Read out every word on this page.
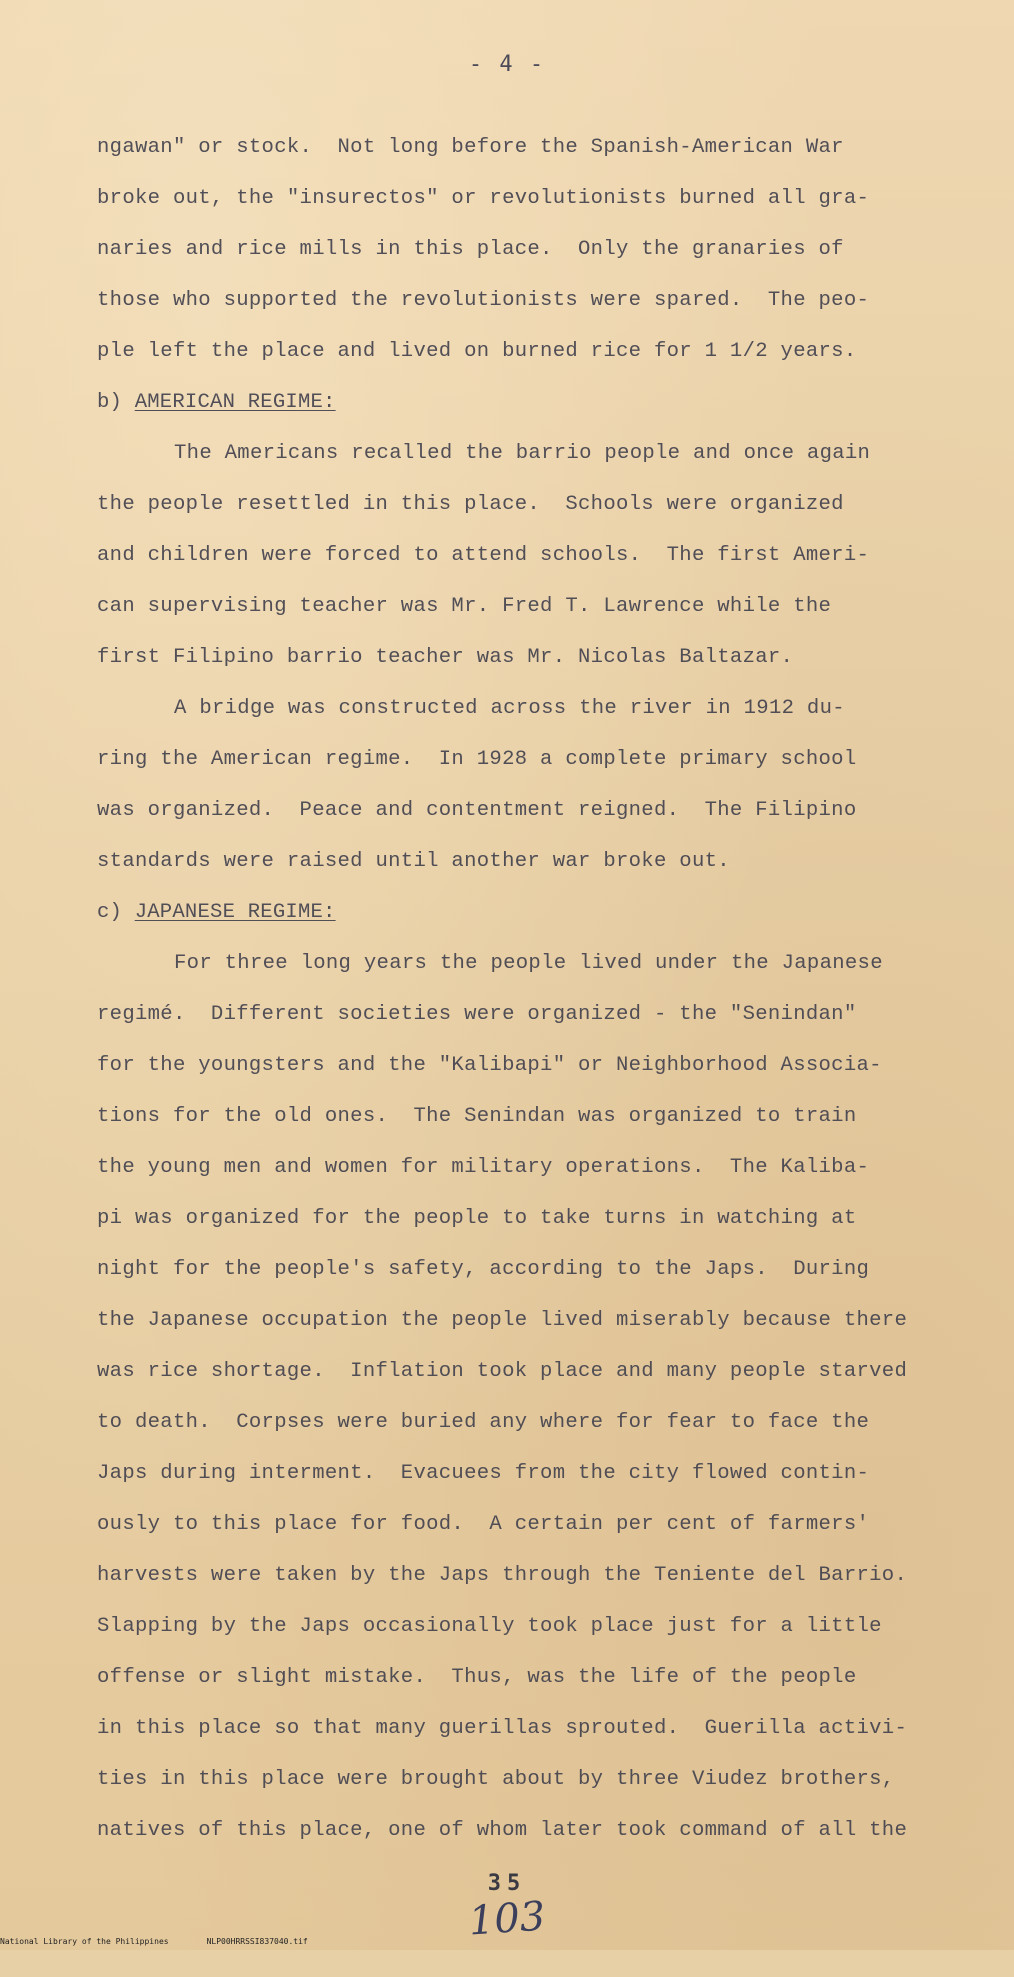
- 4 -
ngawan" or stock.  Not long before the Spanish-American War
broke out, the "insurectos" or revolutionists burned all gra-
naries and rice mills in this place.  Only the granaries of
those who supported the revolutionists were spared.  The peo-
ple left the place and lived on burned rice for 1 1/2 years.
b) AMERICAN REGIME:
The Americans recalled the barrio people and once again
the people resettled in this place.  Schools were organized
and children were forced to attend schools.  The first Ameri-
can supervising teacher was Mr. Fred T. Lawrence while the
first Filipino barrio teacher was Mr. Nicolas Baltazar.
A bridge was constructed across the river in 1912 du-
ring the American regime.  In 1928 a complete primary school
was organized.  Peace and contentment reigned.  The Filipino
standards were raised until another war broke out.
c) JAPANESE REGIME:
For three long years the people lived under the Japanese
regimé.  Different societies were organized - the "Senindan"
for the youngsters and the "Kalibapi" or Neighborhood Associa-
tions for the old ones.  The Senindan was organized to train
the young men and women for military operations.  The Kaliba-
pi was organized for the people to take turns in watching at
night for the people's safety, according to the Japs.  During
the Japanese occupation the people lived miserably because there
was rice shortage.  Inflation took place and many people starved
to death.  Corpses were buried any where for fear to face the
Japs during interment.  Evacuees from the city flowed contin-
ously to this place for food.  A certain per cent of farmers'
harvests were taken by the Japs through the Teniente del Barrio.
Slapping by the Japs occasionally took place just for a little
offense or slight mistake.  Thus, was the life of the people
in this place so that many guerillas sprouted.  Guerilla activi-
ties in this place were brought about by three Viudez brothers,
natives of this place, one of whom later took command of all the
35
103
National Library of the Philippines	NLP00HRRSSI837040.tif
